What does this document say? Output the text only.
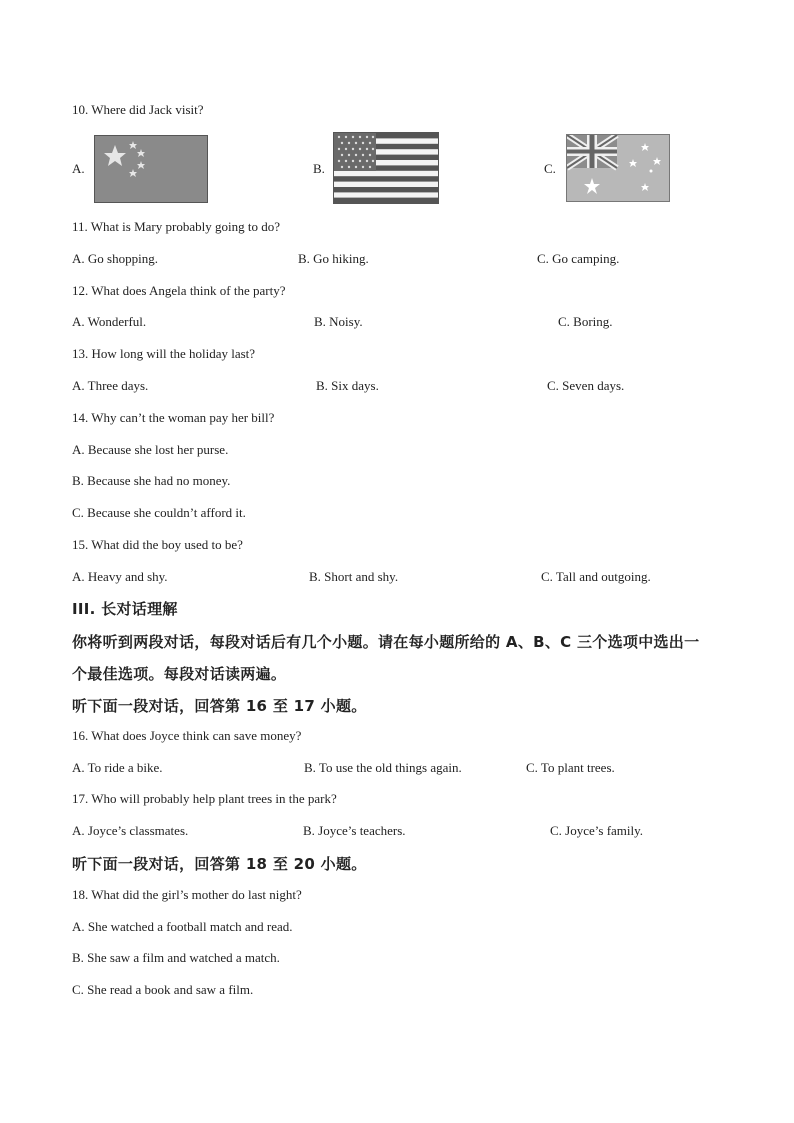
10. Where did Jack visit?
A.	B.	C.
11. What is Mary probably going to do?
A. Go shopping.	B. Go hiking.	C. Go camping.
12. What does Angela think of the party?
A. Wonderful.	B. Noisy.	C. Boring.
13. How long will the holiday last?
A. Three days.	B. Six days.	C. Seven days.
14. Why can’t the woman pay her bill?
A. Because she lost her purse.
B. Because she had no money.
C. Because she couldn’t afford it.
15. What did the boy used to be?
A. Heavy and shy.	B. Short and shy.	C. Tall and outgoing.
III. 长对话理解
你将听到两段对话，每段对话后有几个小题。请在每小题所给的 A、B、C 三个选项中选出一
个最佳选项。每段对话读两遍。
听下面一段对话，回答第 16 至 17 小题。
16. What does Joyce think can save money?
A. To ride a bike.	B. To use the old things again.	C. To plant trees.
17. Who will probably help plant trees in the park?
A. Joyce’s classmates.	B. Joyce’s teachers.	C. Joyce’s family.
听下面一段对话，回答第 18 至 20 小题。
18. What did the girl’s mother do last night?
A. She watched a football match and read.
B. She saw a film and watched a match.
C. She read a book and saw a film.
